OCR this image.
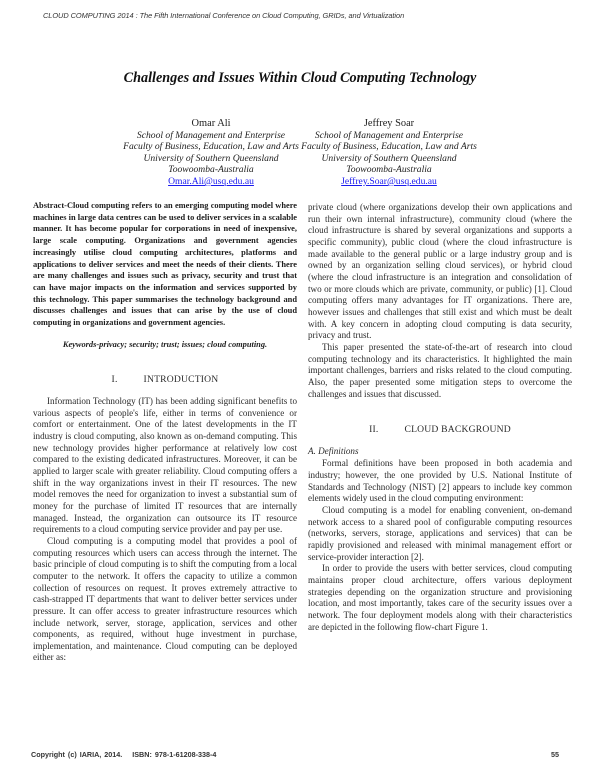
CLOUD COMPUTING 2014 : The Fifth International Conference on Cloud Computing, GRIDs, and Virtualization
Challenges and Issues Within Cloud Computing Technology
Omar Ali
School of Management and Enterprise
Faculty of Business, Education, Law and Arts
University of Southern Queensland
Toowoomba-Australia
Omar.Ali@usq.edu.au
Jeffrey Soar
School of Management and Enterprise
Faculty of Business, Education, Law and Arts
University of Southern Queensland
Toowoomba-Australia
Jeffrey.Soar@usq.edu.au

Abstract-Cloud computing refers to an emerging computing model where machines in large data centres can be used to deliver services in a scalable manner. It has become popular for corporations in need of inexpensive, large scale computing. Organizations and government agencies increasingly utilise cloud computing architectures, platforms and applications to deliver services and meet the needs of their clients. There are many challenges and issues such as privacy, security and trust that can have major impacts on the information and services supported by this technology. This paper summarises the technology background and discusses challenges and issues that can arise by the use of cloud computing in organizations and government agencies.

Keywords-privacy; security; trust; issues; cloud computing.

I.	INTRODUCTION

Information Technology (IT) has been adding significant benefits to various aspects of people's life, either in terms of convenience or comfort or entertainment. One of the latest developments in the IT industry is cloud computing, also known as on-demand computing. This new technology provides higher performance at relatively low cost compared to the existing dedicated infrastructures. Moreover, it can be applied to larger scale with greater reliability. Cloud computing offers a shift in the way organizations invest in their IT resources. The new model removes the need for organization to invest a substantial sum of money for the purchase of limited IT resources that are internally managed. Instead, the organization can outsource its IT resource requirements to a cloud computing service provider and pay per use.

Cloud computing is a computing model that provides a pool of computing resources which users can access through the internet. The basic principle of cloud computing is to shift the computing from a local computer to the network. It offers the capacity to utilize a common collection of resources on request. It proves extremely attractive to cash-strapped IT departments that want to deliver better services under pressure. It can offer access to greater infrastructure resources which include network, server, storage, application, services and other components, as required, without huge investment in purchase, implementation, and maintenance. Cloud computing can be deployed either as:

private cloud (where organizations develop their own applications and run their own internal infrastructure), community cloud (where the cloud infrastructure is shared by several organizations and supports a specific community), public cloud (where the cloud infrastructure is made available to the general public or a large industry group and is owned by an organization selling cloud services), or hybrid cloud (where the cloud infrastructure is an integration and consolidation of two or more clouds which are private, community, or public) [1]. Cloud computing offers many advantages for IT organizations. There are, however issues and challenges that still exist and which must be dealt with. A key concern in adopting cloud computing is data security, privacy and trust.

This paper presented the state-of-the-art of research into cloud computing technology and its characteristics. It highlighted the main important challenges, barriers and risks related to the cloud computing. Also, the paper presented some mitigation steps to overcome the challenges and issues that discussed.

II.	CLOUD BACKGROUND

A. Definitions

Formal definitions have been proposed in both academia and industry; however, the one provided by U.S. National Institute of Standards and Technology (NIST) [2] appears to include key common elements widely used in the cloud computing environment:

Cloud computing is a model for enabling convenient, on-demand network access to a shared pool of configurable computing resources (networks, servers, storage, applications and services) that can be rapidly provisioned and released with minimal management effort or service-provider interaction [2].

In order to provide the users with better services, cloud computing maintains proper cloud architecture, offers various deployment strategies depending on the organization structure and provisioning location, and most importantly, takes care of the security issues over a network. The four deployment models along with their characteristics are depicted in the following flow-chart Figure 1.

Copyright (c) IARIA, 2014. ISBN: 978-1-61208-338-4	55
